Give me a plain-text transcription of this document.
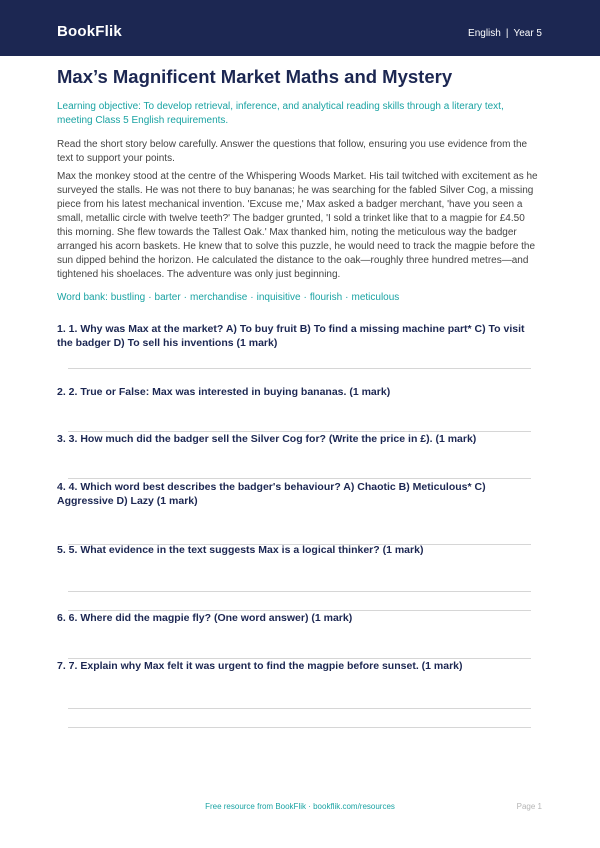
BookFlik	English | Year 5
Max’s Magnificent Market Maths and Mystery
Learning objective: To develop retrieval, inference, and analytical reading skills through a literary text, meeting Class 5 English requirements.
Read the short story below carefully. Answer the questions that follow, ensuring you use evidence from the text to support your points.
Max the monkey stood at the centre of the Whispering Woods Market. His tail twitched with excitement as he surveyed the stalls. He was not there to buy bananas; he was searching for the fabled Silver Cog, a missing piece from his latest mechanical invention. 'Excuse me,' Max asked a badger merchant, 'have you seen a small, metallic circle with twelve teeth?' The badger grunted, 'I sold a trinket like that to a magpie for £4.50 this morning. She flew towards the Tallest Oak.' Max thanked him, noting the meticulous way the badger arranged his acorn baskets. He knew that to solve this puzzle, he would need to track the magpie before the sun dipped behind the horizon. He calculated the distance to the oak—roughly three hundred metres—and tightened his shoelaces. The adventure was only just beginning.
Word bank: bustling · barter · merchandise · inquisitive · flourish · meticulous
1. 1. Why was Max at the market? A) To buy fruit B) To find a missing machine part* C) To visit the badger D) To sell his inventions (1 mark)
2. 2. True or False: Max was interested in buying bananas. (1 mark)
3. 3. How much did the badger sell the Silver Cog for? (Write the price in £). (1 mark)
4. 4. Which word best describes the badger's behaviour? A) Chaotic B) Meticulous* C) Aggressive D) Lazy (1 mark)
5. 5. What evidence in the text suggests Max is a logical thinker? (1 mark)
6. 6. Where did the magpie fly? (One word answer) (1 mark)
7. 7. Explain why Max felt it was urgent to find the magpie before sunset. (1 mark)
Free resource from BookFlik · bookflik.com/resources	Page 1
